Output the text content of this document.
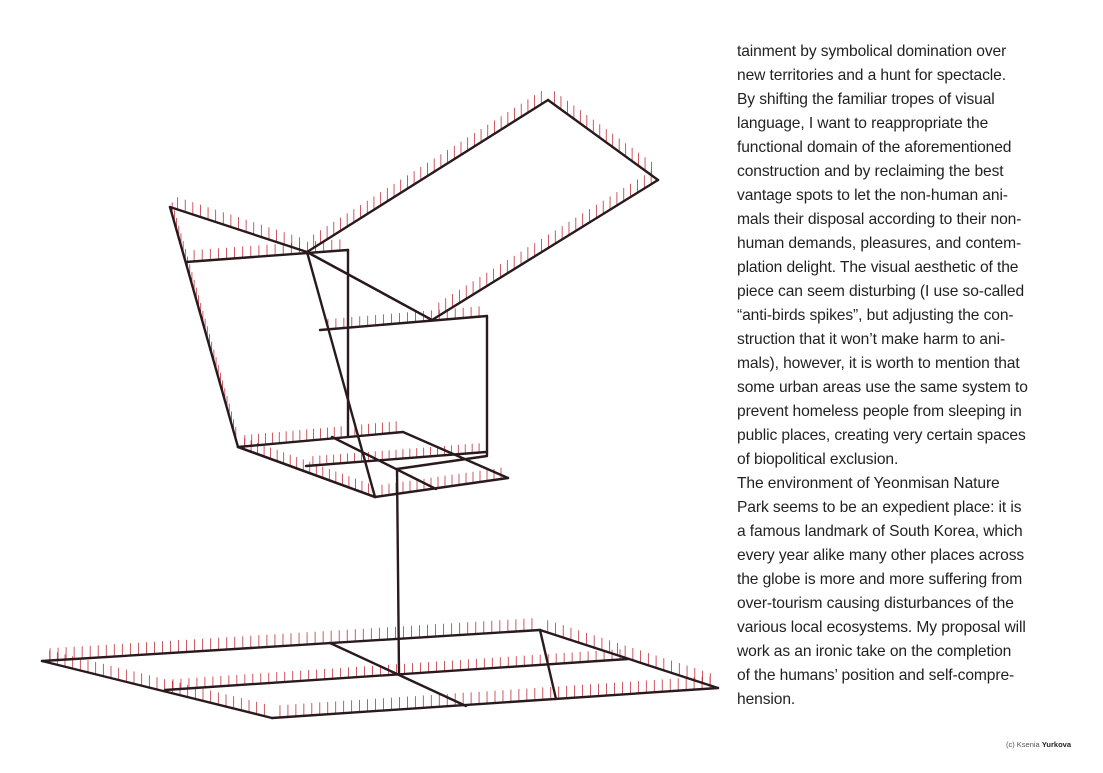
tainment by symbolical domination over
new territories and a hunt for spectacle.
By shifting the familiar tropes of visual
language, I want to reappropriate the
functional domain of the aforementioned
construction and by reclaiming the best
vantage spots to let the non-human ani-
mals their disposal according to their non-
human demands, pleasures, and contem-
plation delight. The visual aesthetic of the
piece can seem disturbing (I use so-called
“anti-birds spikes”, but adjusting the con-
struction that it won’t make harm to ani-
mals), however, it is worth to mention that
some urban areas use the same system to
prevent homeless people from sleeping in
public places, creating very certain spaces
of biopolitical exclusion.
The environment of Yeonmisan Nature
Park seems to be an expedient place: it is
a famous landmark of South Korea, which
every year alike many other places across
the globe is more and more suffering from
over-tourism causing disturbances of the
various local ecosystems. My proposal will
work as an ironic take on the completion
of the humans’ position and self-compre-
hension.
(c) Ksenia Yurkova
